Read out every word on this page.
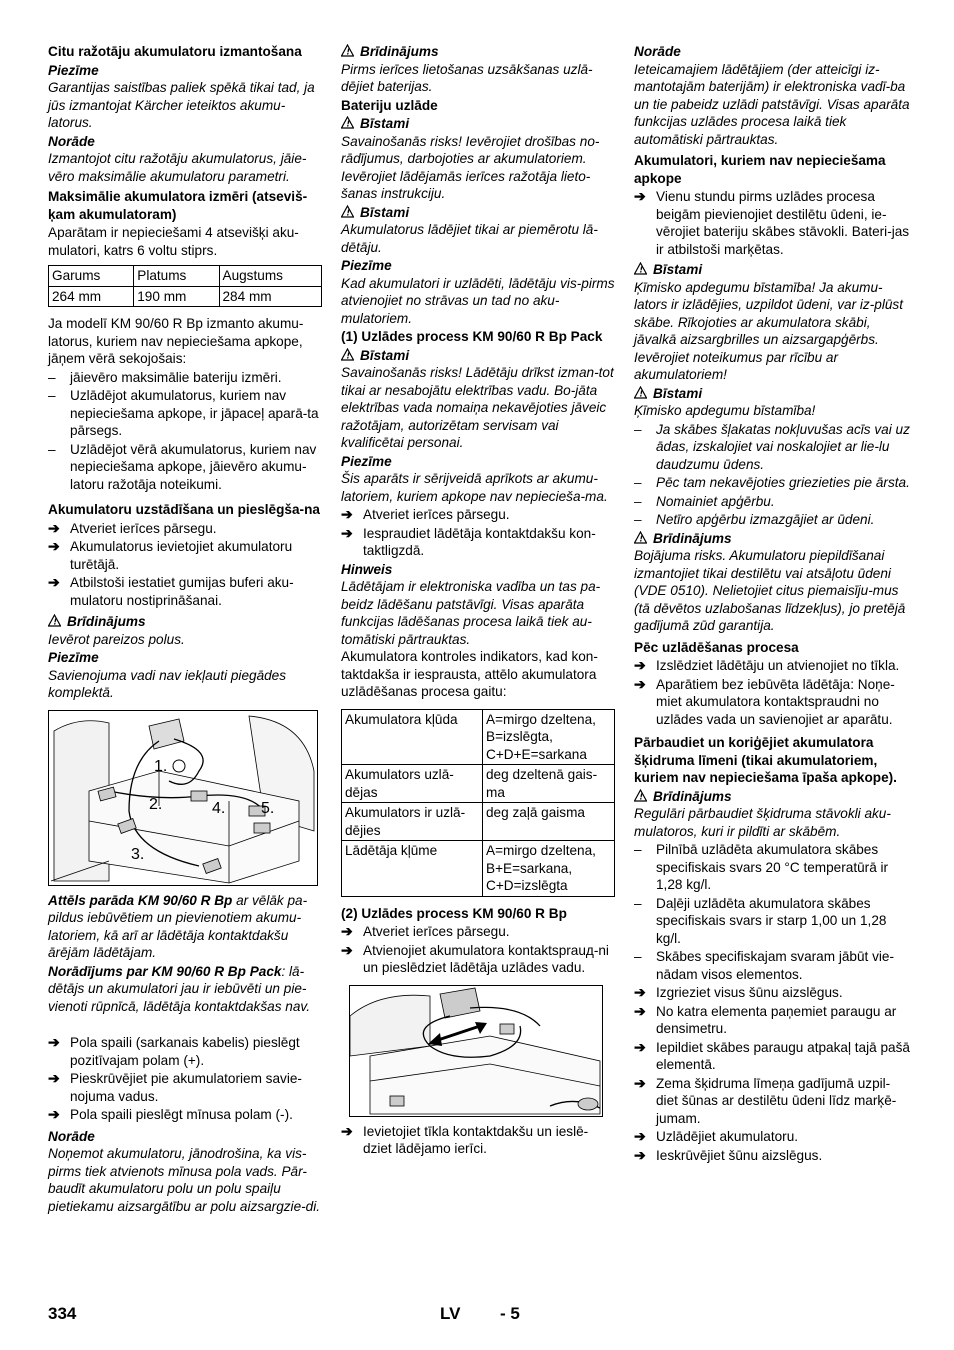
Citu ražotāju akumulatoru izmantošana
Piezīme
Garantijas saistības paliek spēkā tikai tad, ja jūs izmantojat Kärcher ieteiktos akumu-latorus.
Norāde
Izmantojot citu ražotāju akumulatorus, jāie-vēro maksimālie akumulatoru parametri.
Maksimālie akumulatora izmēri (atseviš-ķam akumulatoram)
Aparātam ir nepieciešami 4 atsevišķi aku-mulatori, katrs 6 voltu stiprs.
Garums	Platums	Augstums
264 mm	190 mm	284 mm
Ja modelī KM 90/60 R Bp izmanto akumu-latorus, kuriem nav nepieciešama apkope, jāņem vērā sekojošais:
–	jāievēro maksimālie bateriju izmēri.
–	Uzlādējot akumulatorus, kuriem nav nepieciešama apkope, ir jāpaceļ aparā-ta pārsegs.
–	Uzlādējot vērā akumulatorus, kuriem nav nepieciešama apkope, jāievēro akumu-latoru ražotāja noteikumi.
Akumulatoru uzstādīšana un pieslēgša-na
➔ Atveriet ierīces pārsegu.
➔ Akumulatorus ievietojiet akumulatoru turētājā.
➔ Atbilstoši iestatiet gumijas buferi aku-mulatoru nostiprināšanai.
! Brīdinājums
Ievērot pareizos polus.
Piezīme
Savienojuma vadi nav iekļauti piegādes komplektā.
1.
2.
3.
4. 5.
Attēls parāda KM 90/60 R Bp ar vēlāk pa-pildus iebūvētiem un pievienotiem akumu-latoriem, kā arī ar lādētāja kontaktdakšu ārējām lādētājam.
Norādījums par KM 90/60 R Bp Pack: lā-dētājs un akumulatori jau ir iebūvēti un pie-vienoti rūpnīcā, lādētāja kontaktdakšas nav.
➔ Pola spaili (sarkanais kabelis) pieslēgt pozitīvajam polam (+).
➔ Pieskrūvējiet pie akumulatoriem savie-nojuma vadus.
➔ Pola spaili pieslēgt mīnusa polam (-).
Norāde
Noņemot akumulatoru, jānodrošina, ka vis-pirms tiek atvienots mīnusa pola vads. Pār-baudīt akumulatoru polu un polu spaiļu pietiekamu aizsargātību ar polu aizsargzie-di.
! Brīdinājums
Pirms ierīces lietošanas uzsākšanas uzlā-dējiet baterijas.
Bateriju uzlāde
! Bīstami
Savainošanās risks! Ievērojiet drošības no-rādījumus, darbojoties ar akumulatoriem. Ievērojiet lādējamās ierīces ražotāja lieto-šanas instrukciju.
! Bīstami
Akumulatorus lādējiet tikai ar piemērotu lā-dētāju.
Piezīme
Kad akumulatori ir uzlādēti, lādētāju vis-pirms atvienojiet no strāvas un tad no aku-mulatoriem.
(1) Uzlādes process KM 90/60 R Bp Pack
! Bīstami
Savainošanās risks! Lādētāju drīkst izman-tot tikai ar nesabojātu elektrības vadu. Bo-jāta elektrības vada nomaiņa nekavējoties jāveic ražotājam, autorizētam servisam vai kvalificētai personai.
Piezīme
Šis aparāts ir sērijveidā aprīkots ar akumu-latoriem, kuriem apkope nav nepiecieša-ma.
➔ Atveriet ierīces pārsegu.
➔ Iespraudiet lādētāja kontaktdakšu kon-taktligzdā.
Hinweis
Lādētājam ir elektroniska vadība un tas pa-beidz lādēšanu patstāvīgi. Visas aparāta funkcijas lādēšanas procesa laikā tiek au-tomātiski pārtrauktas.
Akumulatora kontroles indikators, kad kon-taktdakša ir iesprausta, attēlo akumulatora uzlādēšanas procesa gaitu:
Akumulatora kļūda	A=mirgo dzeltena, B=izslēgta, C+D+E=sarkana
Akumulators uzlā-dējas	deg dzeltenā gais-ma
Akumulators ir uzlā-dējies	deg zaļā gaisma
Lādētāja kļūme	A=mirgo dzeltena, B+E=sarkana, C+D=izslēgta
(2) Uzlādes process KM 90/60 R Bp
➔ Atveriet ierīces pārsegu.
➔ Atvienojiet akumulatora kontaktsprauд-ni un pieslēdziet lādētāja uzlādes vadu.
➔ Ievietojiet tīkla kontaktdakšu un ieslē-dziet lādējamo ierīci.
Norāde
Ieteicamajiem lādētājiem (der atteicīgi iz-mantotajām baterijām) ir elektroniska vadī-ba un tie pabeidz uzlādi patstāvīgi. Visas aparāta funkcijas uzlādes procesa laikā tiek automātiski pārtrauktas.
Akumulatori, kuriem nav nepieciešama apkope
➔ Vienu stundu pirms uzlādes procesa beigām pievienojiet destilētu ūdeni, ie-vērojiet bateriju skābes stāvokli. Bateri-jas ir atbilstoši marķētas.
! Bīstami
Ķīmisko apdegumu bīstamība! Ja akumu-lators ir izlādējies, uzpildot ūdeni, var iz-plūst skābe. Rīkojoties ar akumulatora skābi, jāvalkā aizsargbrilles un aizsargapģērbs. Ievērojiet noteikumus par rīcību ar akumulatoriem!
! Bīstami
Ķīmisko apdegumu bīstamība!
–	Ja skābes šļakatas nokļuvušas acīs vai uz ādas, izskalojiet vai noskalojiet ar lie-lu daudzumu ūdens.
–	Pēc tam nekavējoties griezieties pie ārsta.
–	Nomainiet apģērbu.
–	Netīro apģērbu izmazgājiet ar ūdeni.
! Brīdinājums
Bojājuma risks. Akumulatoru piepildīšanai izmantojiet tikai destilētu vai atsāļotu ūdeni (VDE 0510). Nelietojiet citus piemaisīju-mus (tā dēvētos uzlabošanas līdzekļus), jo pretējā gadījumā zūd garantija.
Pēc uzlādēšanas procesa
➔ Izslēdziet lādētāju un atvienojiet no tīkla.
➔ Aparātiem bez iebūvēta lādētāja: Noņe-miet akumulatora kontaktspraudni no uzlādes vada un savienojiet ar aparātu.
Pārbaudiet un koriģējiet akumulatora šķidruma līmeni (tikai akumulatoriem, kuriem nav nepieciešama īpaša apkope).
! Brīdinājums
Regulāri pārbaudiet šķidruma stāvokli aku-mulatoros, kuri ir pildīti ar skābēm.
–	Pilnībā uzlādēta akumulatora skābes specifiskais svars 20 °C temperatūrā ir 1,28 kg/l.
–	Daļēji uzlādēta akumulatora skābes specifiskais svars ir starp 1,00 un 1,28 kg/l.
–	Skābes specifiskajam svaram jābūt vie-nādam visos elementos.
➔ Izgrieziet visus šūnu aizslēgus.
➔ No katra elementa paņemiet paraugu ar densimetru.
➔ Iepildiet skābes paraugu atpakaļ tajā pašā elementā.
➔ Zema šķidruma līmeņa gadījumā uzpil-diet šūnas ar destilētu ūdeni līdz marķē-jumam.
➔ Uzlādējiet akumulatoru.
➔ Ieskrūvējiet šūnu aizslēgus.
334	LV - 5
